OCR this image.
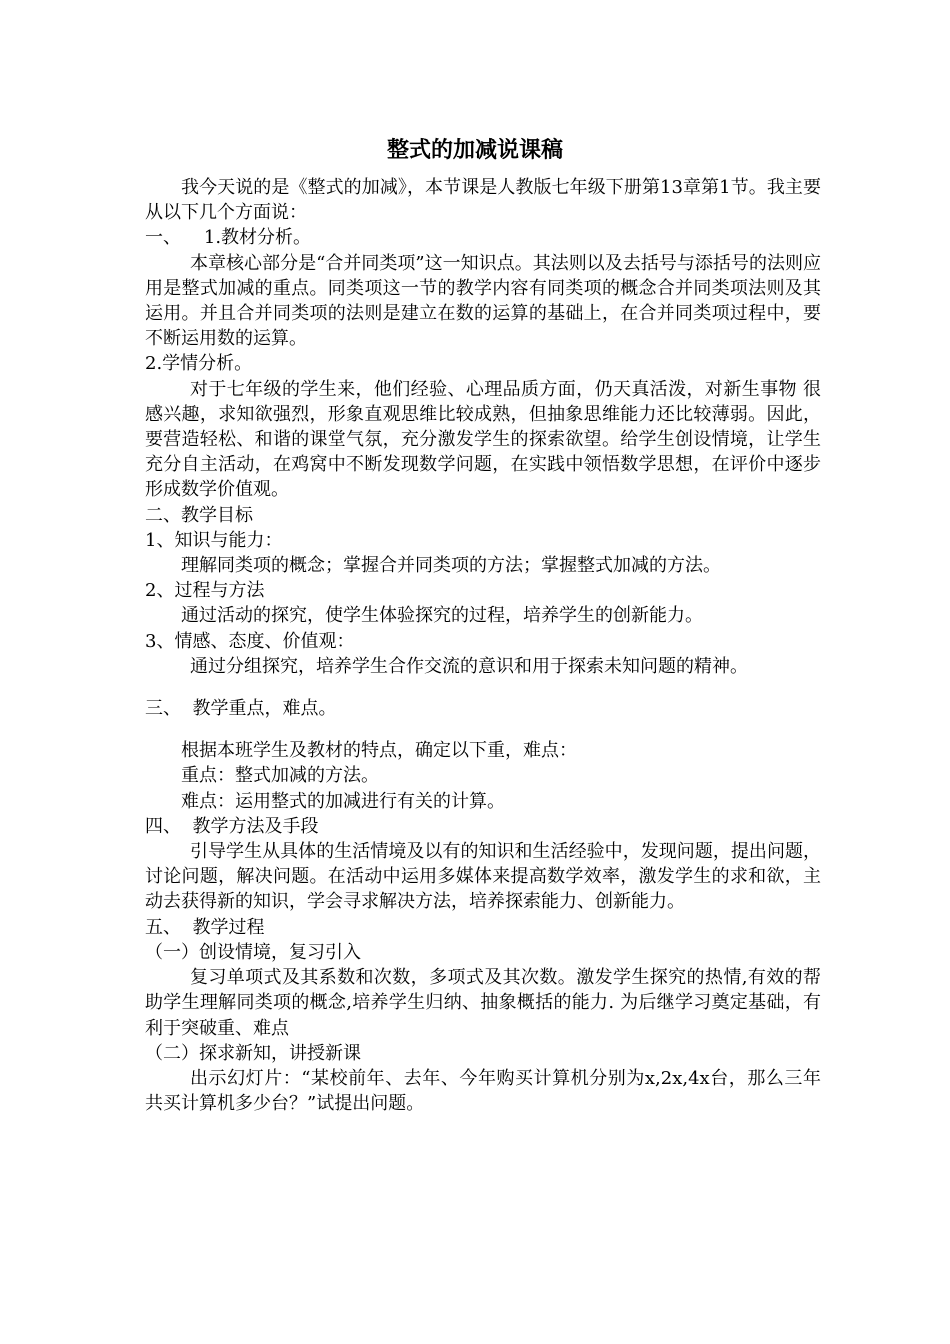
整式的加减说课稿

我今天说的是《整式的加减》，本节课是人教版七年级下册第13章第1节。我主要从以下几个方面说：

一、    1.教材分析。

本章核心部分是“合并同类项”这一知识点。其法则以及去括号与添括号的法则应用是整式加减的重点。同类项这一节的教学内容有同类项的概念合并同类项法则及其运用。并且合并同类项的法则是建立在数的运算的基础上，在合并同类项过程中，要不断运用数的运算。

2.学情分析。

对于七年级的学生来，他们经验、心理品质方面，仍天真活泼，对新生事物 很感兴趣，求知欲强烈，形象直观思维比较成熟，但抽象思维能力还比较薄弱。因此，要营造轻松、和谐的课堂气氛，充分激发学生的探索欲望。给学生创设情境，让学生充分自主活动，在鸡窝中不断发现数学问题，在实践中领悟数学思想，在评价中逐步形成数学价值观。

二、教学目标

1、知识与能力：

理解同类项的概念；掌握合并同类项的方法；掌握整式加减的方法。

2、过程与方法

通过活动的探究，使学生体验探究的过程，培养学生的创新能力。

3、情感、态度、价值观：

通过分组探究，培养学生合作交流的意识和用于探索未知问题的精神。

三、  教学重点，难点。

根据本班学生及教材的特点，确定以下重，难点：

重点：整式加减的方法。

难点：运用整式的加减进行有关的计算。

四、  教学方法及手段

引导学生从具体的生活情境及以有的知识和生活经验中，发现问题，提出问题，讨论问题，解决问题。在活动中运用多媒体来提高数学效率，激发学生的求和欲，主动去获得新的知识，学会寻求解决方法，培养探索能力、创新能力。

五、  教学过程

（一）创设情境，复习引入

复习单项式及其系数和次数，多项式及其次数。激发学生探究的热情,有效的帮助学生理解同类项的概念,培养学生归纳、抽象概括的能力. 为后继学习奠定基础，有利于突破重、难点

（二）探求新知，讲授新课

出示幻灯片：“某校前年、去年、今年购买计算机分别为x,2x,4x台，那么三年共买计算机多少台？”试提出问题。
